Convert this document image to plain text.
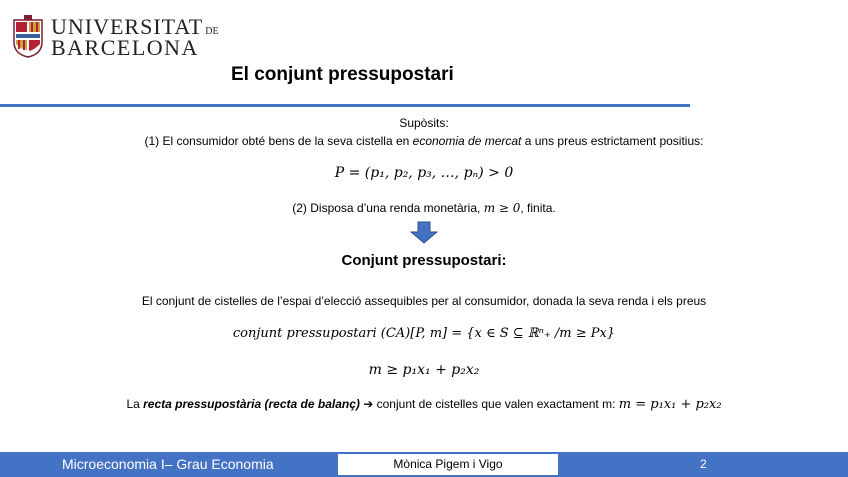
UNIVERSITAT DE
BARCELONA
El conjunt pressupostari
Supòsits:
(1) El consumidor obté bens de la seva cistella en economia de mercat a uns preus estrictament positius:
P = (p₁, p₂, p₃, …, pₙ) > 0
(2) Disposa d’una renda monetària, m ≥ 0, finita.
Conjunt pressupostari:
El conjunt de cistelles de l’espai d’elecció assequibles per al consumidor, donada la seva renda i els preus
conjunt pressupostari (CA)[P, m] = {x ∈ S ⊆ ℝⁿ₊ /m ≥ Px}
m ≥ p₁x₁ + p₂x₂
La recta pressupostària (recta de balanç) ➔ conjunt de cistelles que valen exactament m: m = p₁x₁ + p₂x₂
Microeconomia I– Grau Economia	Mònica Pigem i Vigo	2
